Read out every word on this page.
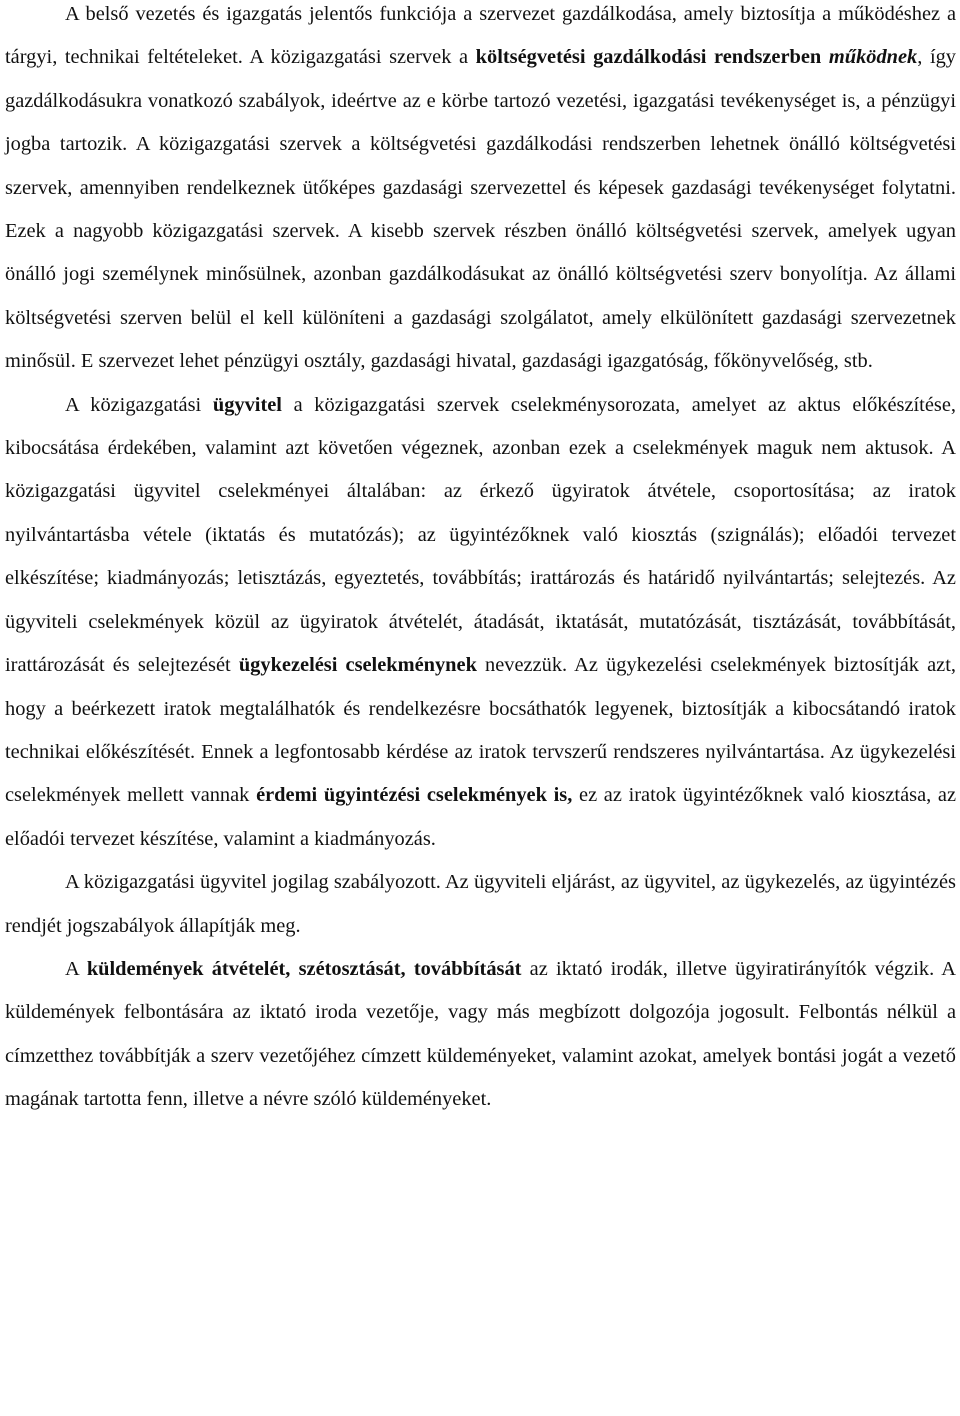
A belső vezetés és igazgatás jelentős funkciója a szervezet gazdálkodása, amely biztosítja a működéshez a tárgyi, technikai feltételeket. A közigazgatási szervek a költségvetési gazdálkodási rendszerben működnek, így gazdálkodásukra vonatkozó szabályok, ideértve az e körbe tartozó vezetési, igazgatási tevékenységet is, a pénzügyi jogba tartozik. A közigazgatási szervek a költségvetési gazdálkodási rendszerben lehetnek önálló költségvetési szervek, amennyiben rendelkeznek ütőképes gazdasági szervezettel és képesek gazdasági tevékenységet folytatni. Ezek a nagyobb közigazgatási szervek. A kisebb szervek részben önálló költségvetési szervek, amelyek ugyan önálló jogi személynek minősülnek, azonban gazdálkodásukat az önálló költségvetési szerv bonyolítja. Az állami költségvetési szerven belül el kell különíteni a gazdasági szolgálatot, amely elkülönített gazdasági szervezetnek minősül. E szervezet lehet pénzügyi osztály, gazdasági hivatal, gazdasági igazgatóság, főkönyvelőség, stb.

A közigazgatási ügyvitel a közigazgatási szervek cselekménysorozata, amelyet az aktus előkészítése, kibocsátása érdekében, valamint azt követően végeznek, azonban ezek a cselekmények maguk nem aktusok. A közigazgatási ügyvitel cselekményei általában: az érkező ügyiratok átvétele, csoportosítása; az iratok nyilvántartásba vétele (iktatás és mutatózás); az ügyintézőknek való kiosztás (szignálás); előadói tervezet elkészítése; kiadmányozás; letisztázás, egyeztetés, továbbítás; irattározás és határidő nyilvántartás; selejtezés. Az ügyviteli cselekmények közül az ügyiratok átvételét, átadását, iktatását, mutatózását, tisztázását, továbbítását, irattározását és selejtezését ügykezelési cselekménynek nevezzük. Az ügykezelési cselekmények biztosítják azt, hogy a beérkezett iratok megtalálhatók és rendelkezésre bocsáthatók legyenek, biztosítják a kibocsátandó iratok technikai előkészítését. Ennek a legfontosabb kérdése az iratok tervszerű rendszeres nyilvántartása. Az ügykezelési cselekmények mellett vannak érdemi ügyintézési cselekmények is, ez az iratok ügyintézőknek való kiosztása, az előadói tervezet készítése, valamint a kiadmányozás.

A közigazgatási ügyvitel jogilag szabályozott. Az ügyviteli eljárást, az ügyvitel, az ügykezelés, az ügyintézés rendjét jogszabályok állapítják meg.

A küldemények átvételét, szétosztását, továbbítását az iktató irodák, illetve ügyiratirányítók végzik. A küldemények felbontására az iktató iroda vezetője, vagy más megbízott dolgozója jogosult. Felbontás nélkül a címzetthez továbbítják a szerv vezetőjéhez címzett küldeményeket, valamint azokat, amelyek bontási jogát a vezető magának tartotta fenn, illetve a névre szóló küldeményeket.
